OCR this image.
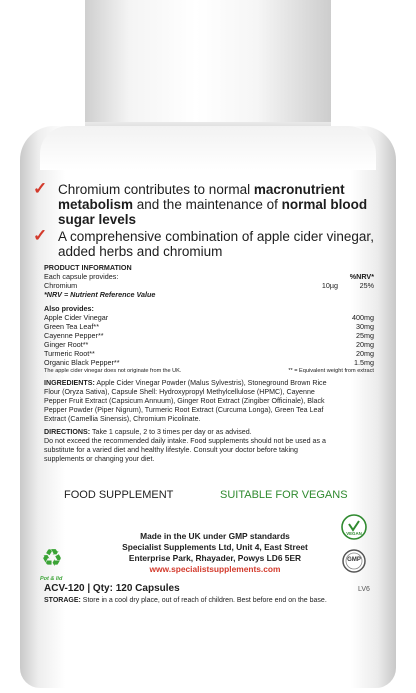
✓ Chromium contributes to normal macronutrient
metabolism and the maintenance of normal blood
sugar levels
✓ A comprehensive combination of apple cider vinegar,
added herbs and chromium
PRODUCT INFORMATION
Each capsule provides:	%NRV*
Chromium	10µg	25%
*NRV = Nutrient Reference Value
Also provides:
Apple Cider Vinegar	400mg
Green Tea Leaf**	30mg
Cayenne Pepper**	25mg
Ginger Root**	20mg
Turmeric Root**	20mg
Organic Black Pepper**	1.5mg
The apple cider vinegar does not originate from the UK.	** = Equivalent weight from extract
INGREDIENTS: Apple Cider Vinegar Powder (Malus Sylvestris), Stoneground Brown Rice
Flour (Oryza Sativa), Capsule Shell: Hydroxypropyl Methylcellulose (HPMC), Cayenne
Pepper Fruit Extract (Capsicum Annuum), Ginger Root Extract (Zingiber Officinale), Black
Pepper Powder (Piper Nigrum), Turmeric Root Extract (Curcuma Longa), Green Tea Leaf
Extract (Camellia Sinensis), Chromium Picolinate.
DIRECTIONS: Take 1 capsule, 2 to 3 times per day or as advised.
Do not exceed the recommended daily intake. Food supplements should not be used as a
substitute for a varied diet and healthy lifestyle. Consult your doctor before taking
supplements or changing your diet.
FOOD SUPPLEMENT	SUITABLE FOR VEGANS
VEGAN
GMP
♻
Pot & lid
Made in the UK under GMP standards
Specialist Supplements Ltd, Unit 4, East Street
Enterprise Park, Rhayader, Powys LD6 5ER
www.specialistsupplements.com
ACV-120 | Qty: 120 Capsules
STORAGE: Store in a cool dry place, out of reach of children. Best before end on the base.
LV6
